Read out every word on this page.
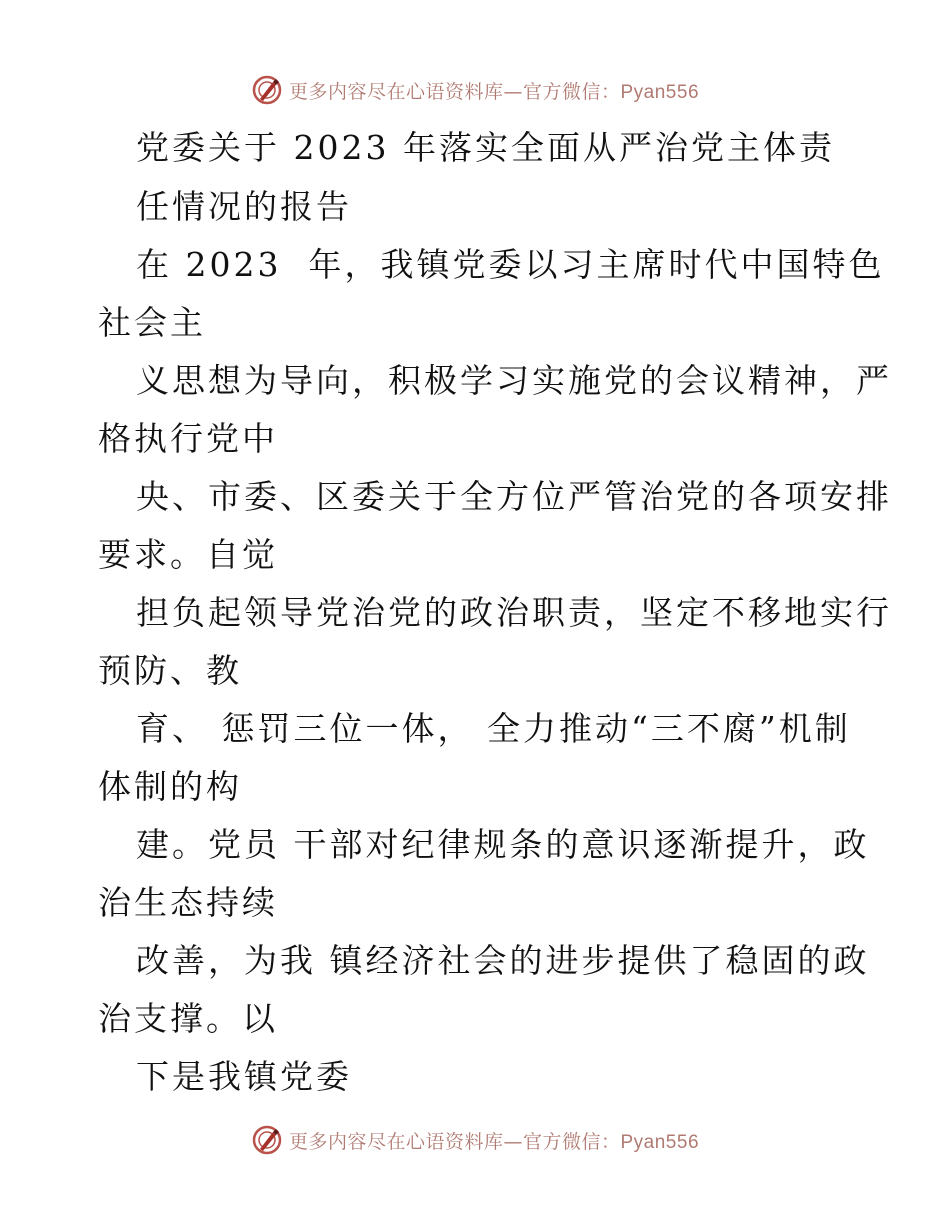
更多内容尽在心语资料库—官方微信：Pyan556
党委关于 2023 年落实全面从严治党主体责
任情况的报告
在 2023  年，我镇党委以习主席时代中国特色
社会主
义思想为导向，积极学习实施党的会议精神，严
格执行党中
央、市委、区委关于全方位严管治党的各项安排
要求。自觉
担负起领导党治党的政治职责，坚定不移地实行
预防、教
育、 惩罚三位一体， 全力推动“三不腐”机制
体制的构
建。党员 干部对纪律规条的意识逐渐提升，政
治生态持续
改善，为我 镇经济社会的进步提供了稳固的政
治支撑。以
下是我镇党委
更多内容尽在心语资料库—官方微信：Pyan556
